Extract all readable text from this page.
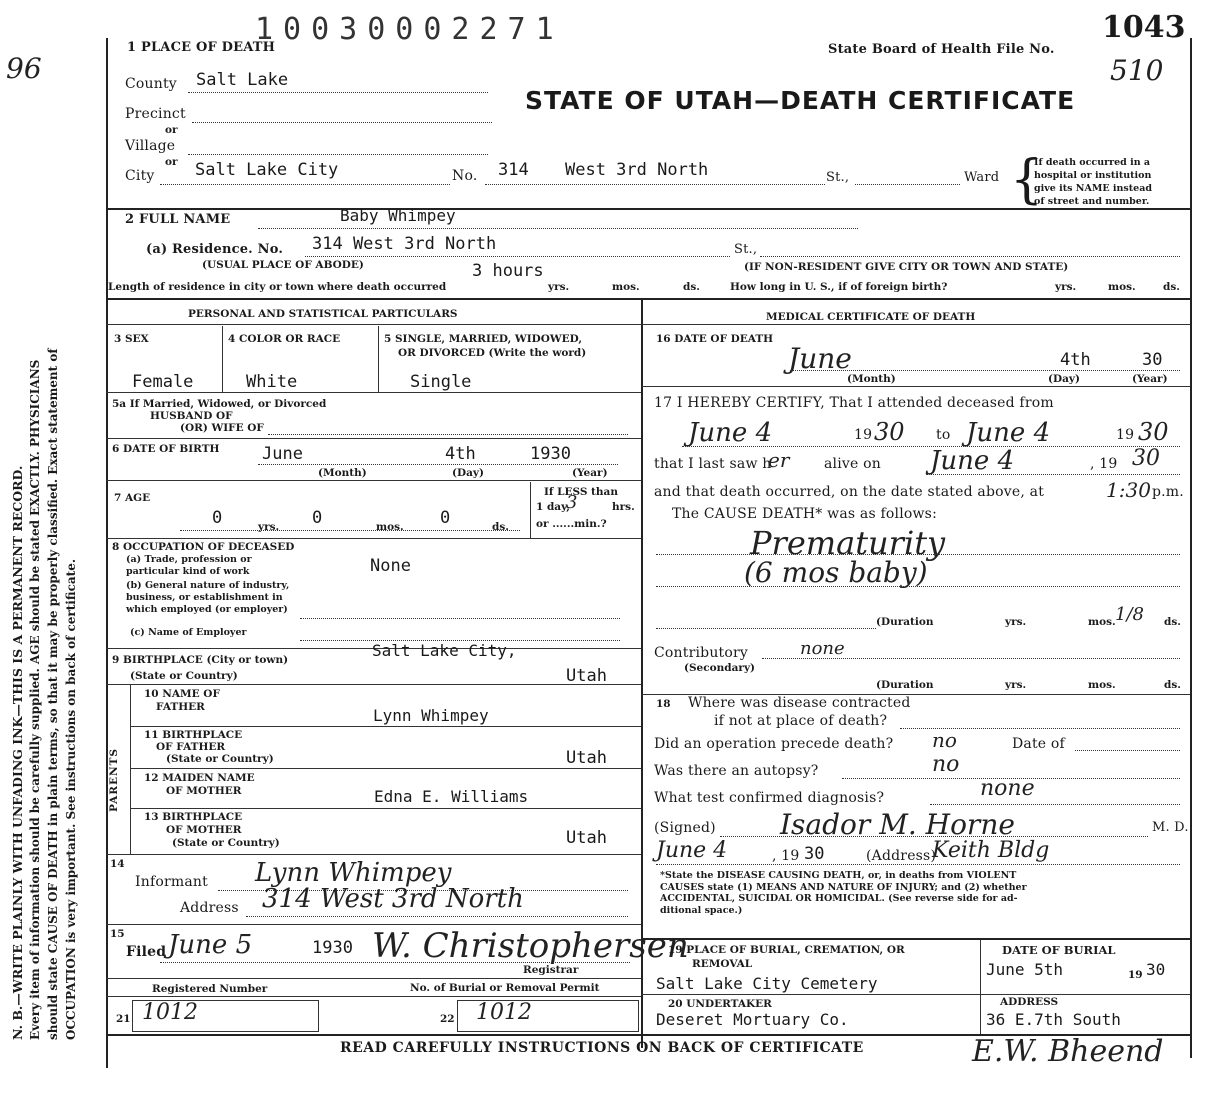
N. B.—WRITE PLAINLY WITH UNFADING INK—THIS IS A PERMANENT RECORD. Every item of information should be carefully supplied. AGE should be stated EXACTLY. PHYSICIANS should state CAUSE OF DEATH in plain terms, so that it may be properly classified. Exact statement of OCCUPATION is very important. See instructions on back of certificate.
96
10030002271
1 PLACE OF DEATH	State Board of Health File No.
1043
510
STATE OF UTAH—DEATH CERTIFICATE
County Salt Lake
Precinct
or
Village
or
City Salt Lake City	No. 314 West 3rd North	St.,	Ward {
If death occurred in a
hospital or institution
give its NAME instead
of street and number.
2 FULL NAME	Baby Whimpey
(a) Residence. No. 314 West 3rd North	St.,
(USUAL PLACE OF ABODE)	(IF NON-RESIDENT GIVE CITY OR TOWN AND STATE)
3 hours
Length of residence in city or town where death occurred	yrs.	mos.	ds.	How long in U. S., if of foreign birth?	yrs.	mos.	ds.
PERSONAL AND STATISTICAL PARTICULARS	MEDICAL CERTIFICATE OF DEATH
3 SEX
Female
4 COLOR OR RACE
White
5 SINGLE, MARRIED, WIDOWED,
OR DIVORCED (Write the word)
Single
5a If Married, Widowed, or Divorced
HUSBAND OF
(OR) WIFE OF
6 DATE OF BIRTH	June	4th	1930
(Month)	(Day)	(Year)
7 AGE
0	yrs. 0	mos. 0	ds.
If LESS than
1 day,
3	hrs.
or ......min.?
8 OCCUPATION OF DECEASED
(a) Trade, profession or
particular kind of work	None
(b) General nature of industry,
business, or establishment in
which employed (or employer)
(c) Name of Employer
9 BIRTHPLACE (City or town)	Salt Lake City,
(State or Country)	Utah
PARENTS
10 NAME OF
FATHER	Lynn Whimpey
11 BIRTHPLACE
OF FATHER
(State or Country)	Utah
12 MAIDEN NAME
OF MOTHER	Edna E. Williams
13 BIRTHPLACE
OF MOTHER
(State or Country)	Utah
14
Informant Lynn Whimpey
Address 314 West 3rd North
15
Filed June 5	1930 W. Christophersen
Registrar
Registered Number	No. of Burial or Removal Permit
21 1012	22 1012
16 DATE OF DEATH
June	4th	30
(Month)	(Day)	(Year)
17 I HEREBY CERTIFY, That I attended deceased from
June 4	19 30 to June 4	19 30
that I last saw h
er alive on June 4	, 19 30
and that death occurred, on the date stated above, at	1:30 p.m.
The CAUSE DEATH* was as follows:
Prematurity
(6 mos baby)
(Duration	yrs.	mos. 1/8 ds.
Contributory
(Secondary)
none
(Duration	yrs.	mos.	ds.
18 Where was disease contracted
if not at place of death?
Did an operation precede death? no	Date of
Was there an autopsy?	no
What test confirmed diagnosis?	none
(Signed) Isador M. Horne	M. D.
June 4	, 19 30	(Address)
Keith Bldg
*State the DISEASE CAUSING DEATH, or, in deaths from VIOLENT
CAUSES state (1) MEANS AND NATURE OF INJURY; and (2) whether
ACCIDENTAL, SUICIDAL OR HOMICIDAL. (See reverse side for ad-
ditional space.)
19 PLACE OF BURIAL, CREMATION, OR
REMOVAL
Salt Lake City Cemetery
DATE OF BURIAL
June 5th	19 30
20 UNDERTAKER
Deseret Mortuary Co.
ADDRESS
36 E.7th South
READ CAREFULLY INSTRUCTIONS ON BACK OF CERTIFICATE	E.W. Bheend
